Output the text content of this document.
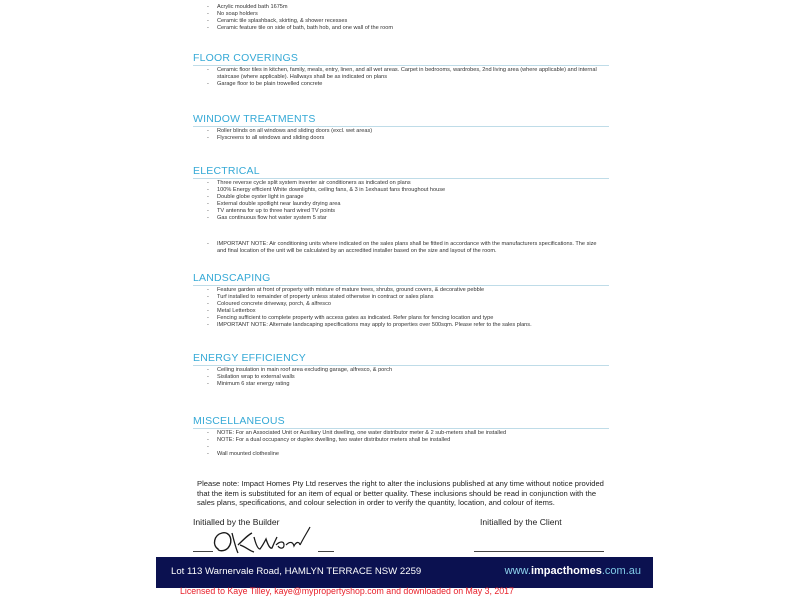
- Acrylic moulded bath 1675m
- No soap holders
- Ceramic tile splashback, skirting, & shower recesses
- Ceramic feature tile on side of bath, bath hob, and one wall of the room
FLOOR COVERINGS
- Ceramic floor tiles in kitchen, family, meals, entry, linen, and all wet areas. Carpet in bedrooms, wardrobes, 2nd living area (where applicable) and internal staircase (where applicable). Hallways shall be as indicated on plans
- Garage floor to be plain trowelled concrete
WINDOW TREATMENTS
- Roller blinds on all windows and sliding doors (excl. wet areas)
- Flyscreens to all windows and sliding doors
ELECTRICAL
- Three reverse cycle split system inverter air conditioners as indicated on plans
- 100% Energy efficient White downlights, ceiling fans, & 3 in 1exhaust fans throughout house
- Double globe oyster light in garage
- External double spotlight near laundry drying area
- TV antenna for up to three hard wired TV points
- Gas continuous flow hot water system 5 star
- IMPORTANT NOTE: Air conditioning units where indicated on the sales plans shall be fitted in accordance with the manufacturers specifications. The size and final location of the unit will be calculated by an accredited installer based on the size and layout of the room.
LANDSCAPING
- Feature garden at front of property with mixture of mature trees, shrubs, ground covers, & decorative pebble
- Turf installed to remainder of property unless stated otherwise in contract or sales plans
- Coloured concrete driveway, porch, & alfresco
- Metal Letterbox
- Fencing sufficient to complete property with access gates as indicated. Refer plans for fencing location and type
- IMPORTANT NOTE: Alternate landscaping specifications may apply to properties over 500sqm. Please refer to the sales plans.
ENERGY EFFICIENCY
- Ceiling insulation in main roof area excluding garage, alfresco, & porch
- Sisilation wrap to external walls
- Minimum 6 star energy rating
MISCELLANEOUS
- NOTE: For an Associated Unit or Auxiliary Unit dwelling, one water distributor meter & 2 sub-meters shall be installed
- NOTE: For a dual occupancy or duplex dwelling, two water distributor meters shall be installed
-
- Wall mounted clothesline
Please note: Impact Homes Pty Ltd reserves the right to alter the inclusions published at any time without notice provided that the item is substituted for an item of equal or better quality. These inclusions should be read in conjunction with the sales plans, specifications, and colour selection in order to verify the quantity, location, and colour of items.
Initialled by the Builder	Initialled by the Client
Lot 113 Warnervale Road, HAMLYN TERRACE NSW 2259	www.impacthomes.com.au
Licensed to Kaye Tilley, kaye@mypropertyshop.com and downloaded on May 3, 2017
